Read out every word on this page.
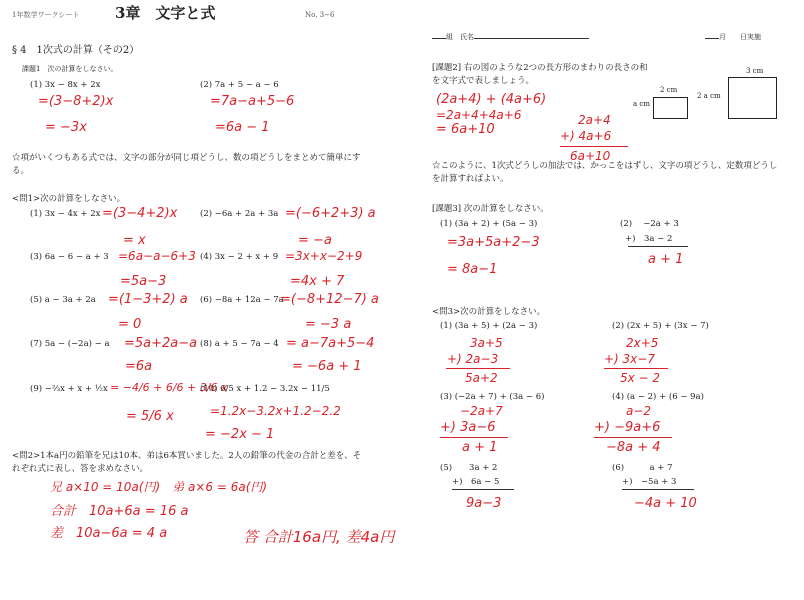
1年数学ワークシート 3章　文字と式	No. 3−6
組　氏名	月　　日実施
§ 4　1次式の計算（その2）
課題1　次の計算をしなさい。
(1) 3x − 8x + 2x
=(3−8+2)x
= −3x
(2) 7a + 5 − a − 6
=7a−a+5−6
=6a − 1
☆項がいくつもある式では、文字の部分が同じ項どうし、数の項どうしをまとめて簡単にする。
<問1>次の計算をしなさい。
(1) 3x − 4x + 2x =(3−4+2)x
= x
(2) −6a + 2a + 3a =(−6+2+3) a
= −a
(3) 6a − 6 − a + 3 =6a−a−6+3
=5a−3
(4) 3x − 2 + x + 9 =3x+x−2+9
=4x + 7
(5) a − 3a + 2a =(1−3+2) a
= 0
(6) −8a + 12a − 7a
=(−8+12−7) a
= −3 a
(7) 5a − (−2a) − a =5a+2a−a
=6a
(8) a + 5 − 7a − 4 = a−7a+5−4
= −6a + 1
(9) −⅔x + x + ½x = −4/6 + 6/6 + 3/6 x
= 5/6 x
(10) 6/5 x + 1.2 − 3.2x − 11/5
=1.2x−3.2x+1.2−2.2
= −2x − 1
<問2>1本a円の鉛筆を兄は10本、弟は6本買いました。2人の鉛筆の代金の合計と差を、それぞれ式に表し、答を求めなさい。
兄 a×10 = 10a(円)　弟 a×6 = 6a(円)
合計　10a+6a = 16 a
差　10a−6a = 4 a	答 合計16a円, 差4a円
[課題2] 右の図のような2つの長方形のまわりの長さの和を文字式で表しましょう。
(2a+4) + (4a+6)
=2a+4+4a+6
= 6a+10
2a+4
+) 4a+6
6a+10
2 cm
a cm
3 cm
2 a cm
☆このように、1次式どうしの加法では、かっこをはずし、文字の項どうし、定数項どうしを計算すればよい。
[課題3] 次の計算をしなさい。
(1) (3a + 2) + (5a − 3)
=3a+5a+2−3
= 8a−1
(2)　 −2a + 3
+)　3a − 2
a + 1
<問3>次の計算をしなさい。
(1) (3a + 5) + (2a − 3)
3a+5
+) 2a−3
5a+2
(2) (2x + 5) + (3x − 7)
2x+5
+) 3x−7
5x − 2
(3) (−2a + 7) + (3a − 6)
−2a+7
+) 3a−6
a + 1
(4) (a − 2) + (6 − 9a)
a−2
+) −9a+6
−8a + 4
(5)　　3a + 2
+)　6a − 5
9a−3
(6)　　　a + 7
+)　−5a + 3
−4a + 10
